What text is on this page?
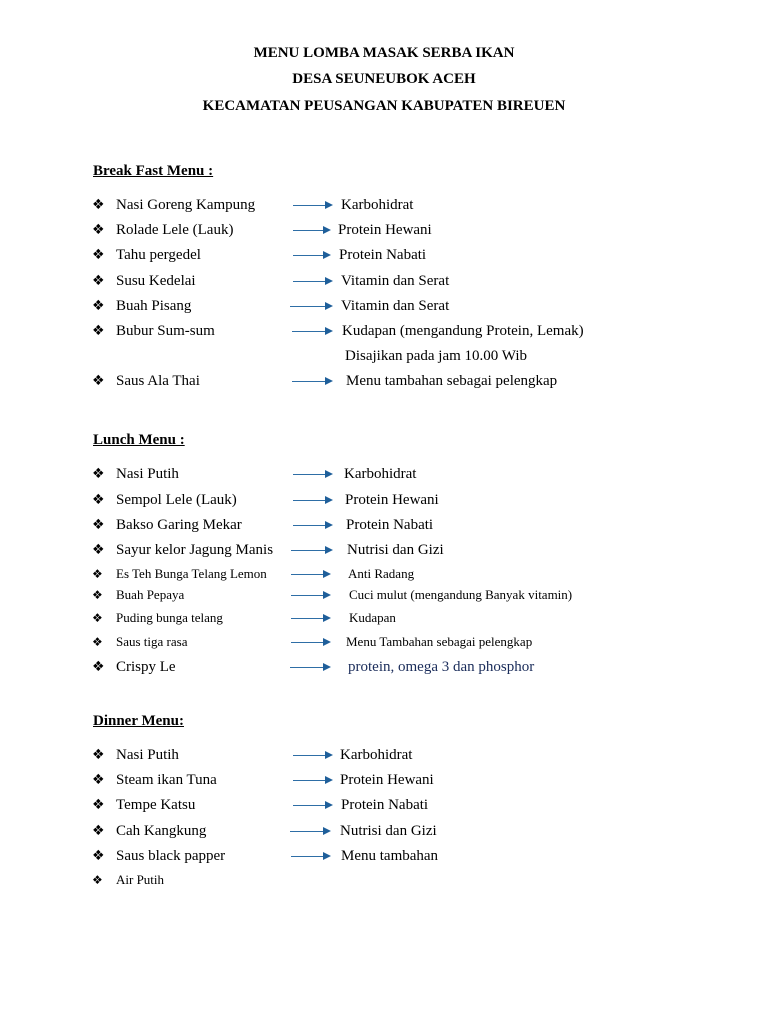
MENU LOMBA MASAK SERBA IKAN
DESA SEUNEUBOK ACEH
KECAMATAN PEUSANGAN KABUPATEN BIREUEN
Break Fast Menu :
❖ Nasi Goreng Kampung	Karbohidrat
❖ Rolade Lele (Lauk)	Protein Hewani
❖ Tahu pergedel	Protein Nabati
❖ Susu Kedelai	Vitamin dan Serat
❖ Buah Pisang	Vitamin dan Serat
❖ Bubur Sum-sum	Kudapan (mengandung Protein, Lemak)
Disajikan pada jam 10.00 Wib
❖ Saus Ala Thai	Menu tambahan sebagai pelengkap
Lunch Menu :
❖ Nasi Putih	Karbohidrat
❖ Sempol Lele (Lauk)	Protein Hewani
❖ Bakso Garing Mekar	Protein Nabati
❖ Sayur kelor Jagung Manis	Nutrisi dan Gizi
❖ Es Teh Bunga Telang Lemon	Anti Radang
❖ Buah Pepaya	Cuci mulut (mengandung Banyak vitamin)
❖ Puding bunga telang	Kudapan
❖ Saus tiga rasa	Menu Tambahan sebagai pelengkap
❖ Crispy Le	protein, omega 3 dan phosphor
Dinner Menu:
❖ Nasi Putih	Karbohidrat
❖ Steam ikan Tuna	Protein Hewani
❖ Tempe Katsu	Protein Nabati
❖ Cah Kangkung	Nutrisi dan Gizi
❖ Saus black papper	Menu tambahan
❖ Air Putih
